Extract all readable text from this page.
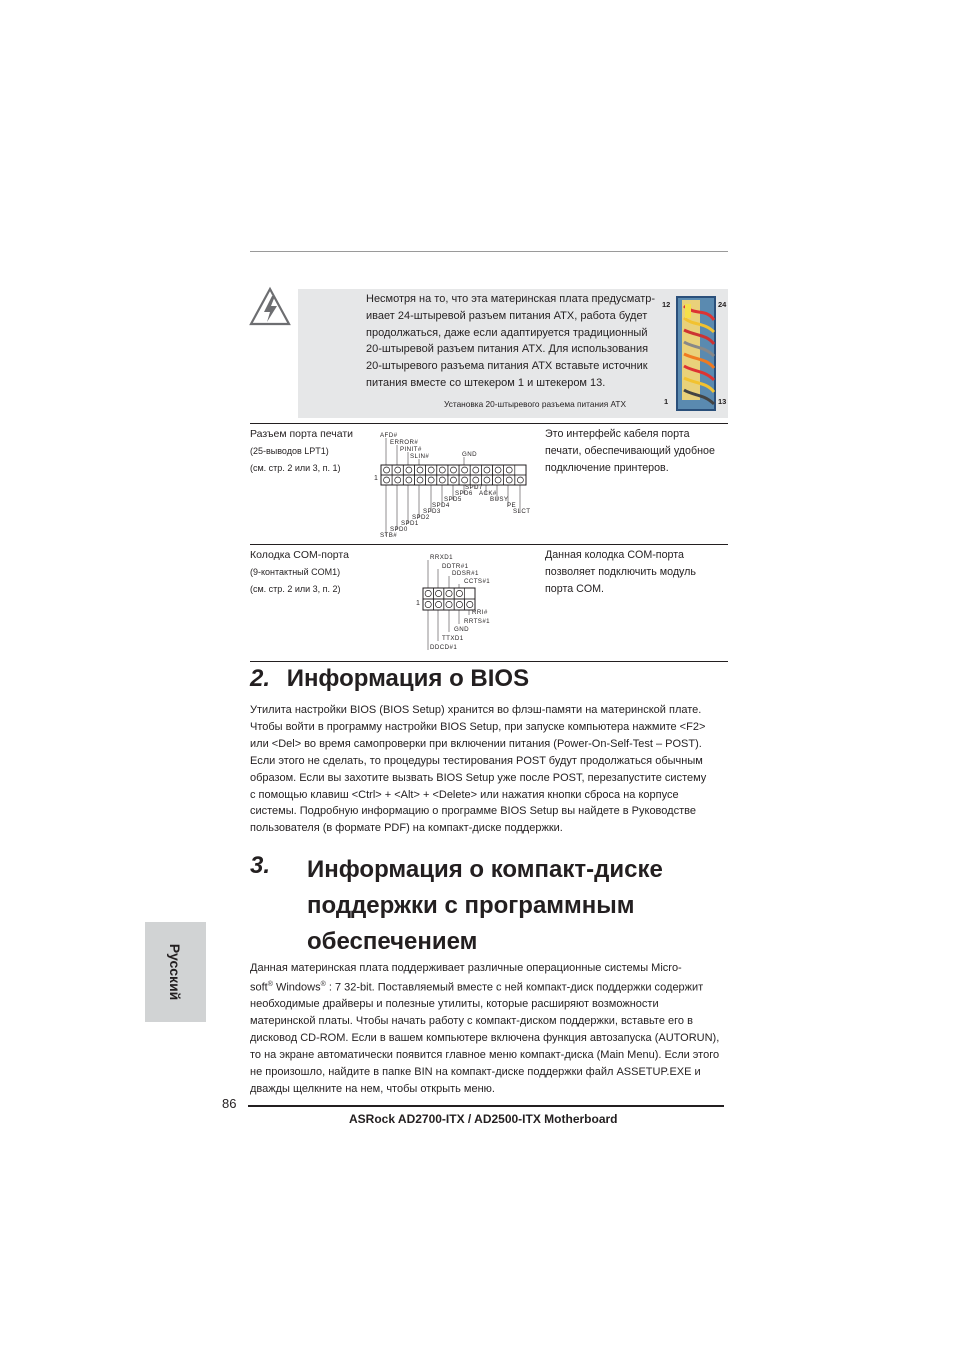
Несмотря на то, что эта материнская плата предусматр-
ивает 24-штыревой разъем питания ATX, работа будет
продолжаться, даже если адаптируется традиционный
20-штыревой разъем питания ATX. Для использования
20-штыревого разъема питания ATX вставьте источник
питания вместе со штекером 1 и штекером 13.
Установка 20-штыревого разъема питания ATX
12	24
1	13
Разъем порта печати
(25-выводов LPT1)
(см. стр. 2 или 3, п. 1)
Это интерфейс кабеля порта
печати, обеспечивающий удобное
подключение принтеров.
1
AFD#
ERROR#
PINIT#
SLIN#	GND
SPD7
SPD6 ACK#
BUSY
SPD5
SPD4	PE
SPD3	SLCT
SPD2
SPD1
SPD0
STB#
Колодка COM-порта
(9-контактный COM1)
(см. стр. 2 или 3, п. 2)
Данная колодка COM-порта
позволяет подключить модуль
порта COM.
1
RRXD1
DDTR#1
DDSR#1
CCTS#1
RRI#
RRTS#1
GND
TTXD1
DDCD#1
2. Информация о BIOS
Утилита настройки BIOS (BIOS Setup) хранится во флэш-памяти на материнской плате.
Чтобы войти в программу настройки BIOS Setup, при запуске компьютера нажмите <F2>
или <Del> во время самопроверки при включении питания (Power-On-Self-Test – POST).
Если этого не сделать, то процедуры тестирования POST будут продолжаться обычным
образом. Если вы захотите вызвать BIOS Setup уже после POST, перезапустите систему
с помощью клавиш <Ctrl> + <Alt> + <Delete> или нажатия кнопки сброса на корпусе
системы. Подробную информацию о программе BIOS Setup вы найдете в Руководстве
пользователя (в формате PDF) на компакт-диске поддержки.
3. Информация о компакт-диске
поддержки с программным
обеспечением
Данная материнская плата поддерживает различные операционные системы Micro-
soft® Windows® : 7 32-bit. Поставляемый вместе с ней компакт-диск поддержки содержит
необходимые драйверы и полезные утилиты, которые расширяют возможности
материнской платы. Чтобы начать работу с компакт-диском поддержки, вставьте его в
дисковод CD-ROM. Если в вашем компьютере включена функция автозапуска (AUTORUN),
то на экране автоматически появится главное меню компакт-диска (Main Menu). Если этого
не произошло, найдите в папке BIN на компакт-диске поддержки файл ASSETUP.EXE и
дважды щелкните на нем, чтобы открыть меню.
Русский
86
ASRock AD2700-ITX / AD2500-ITX Motherboard
